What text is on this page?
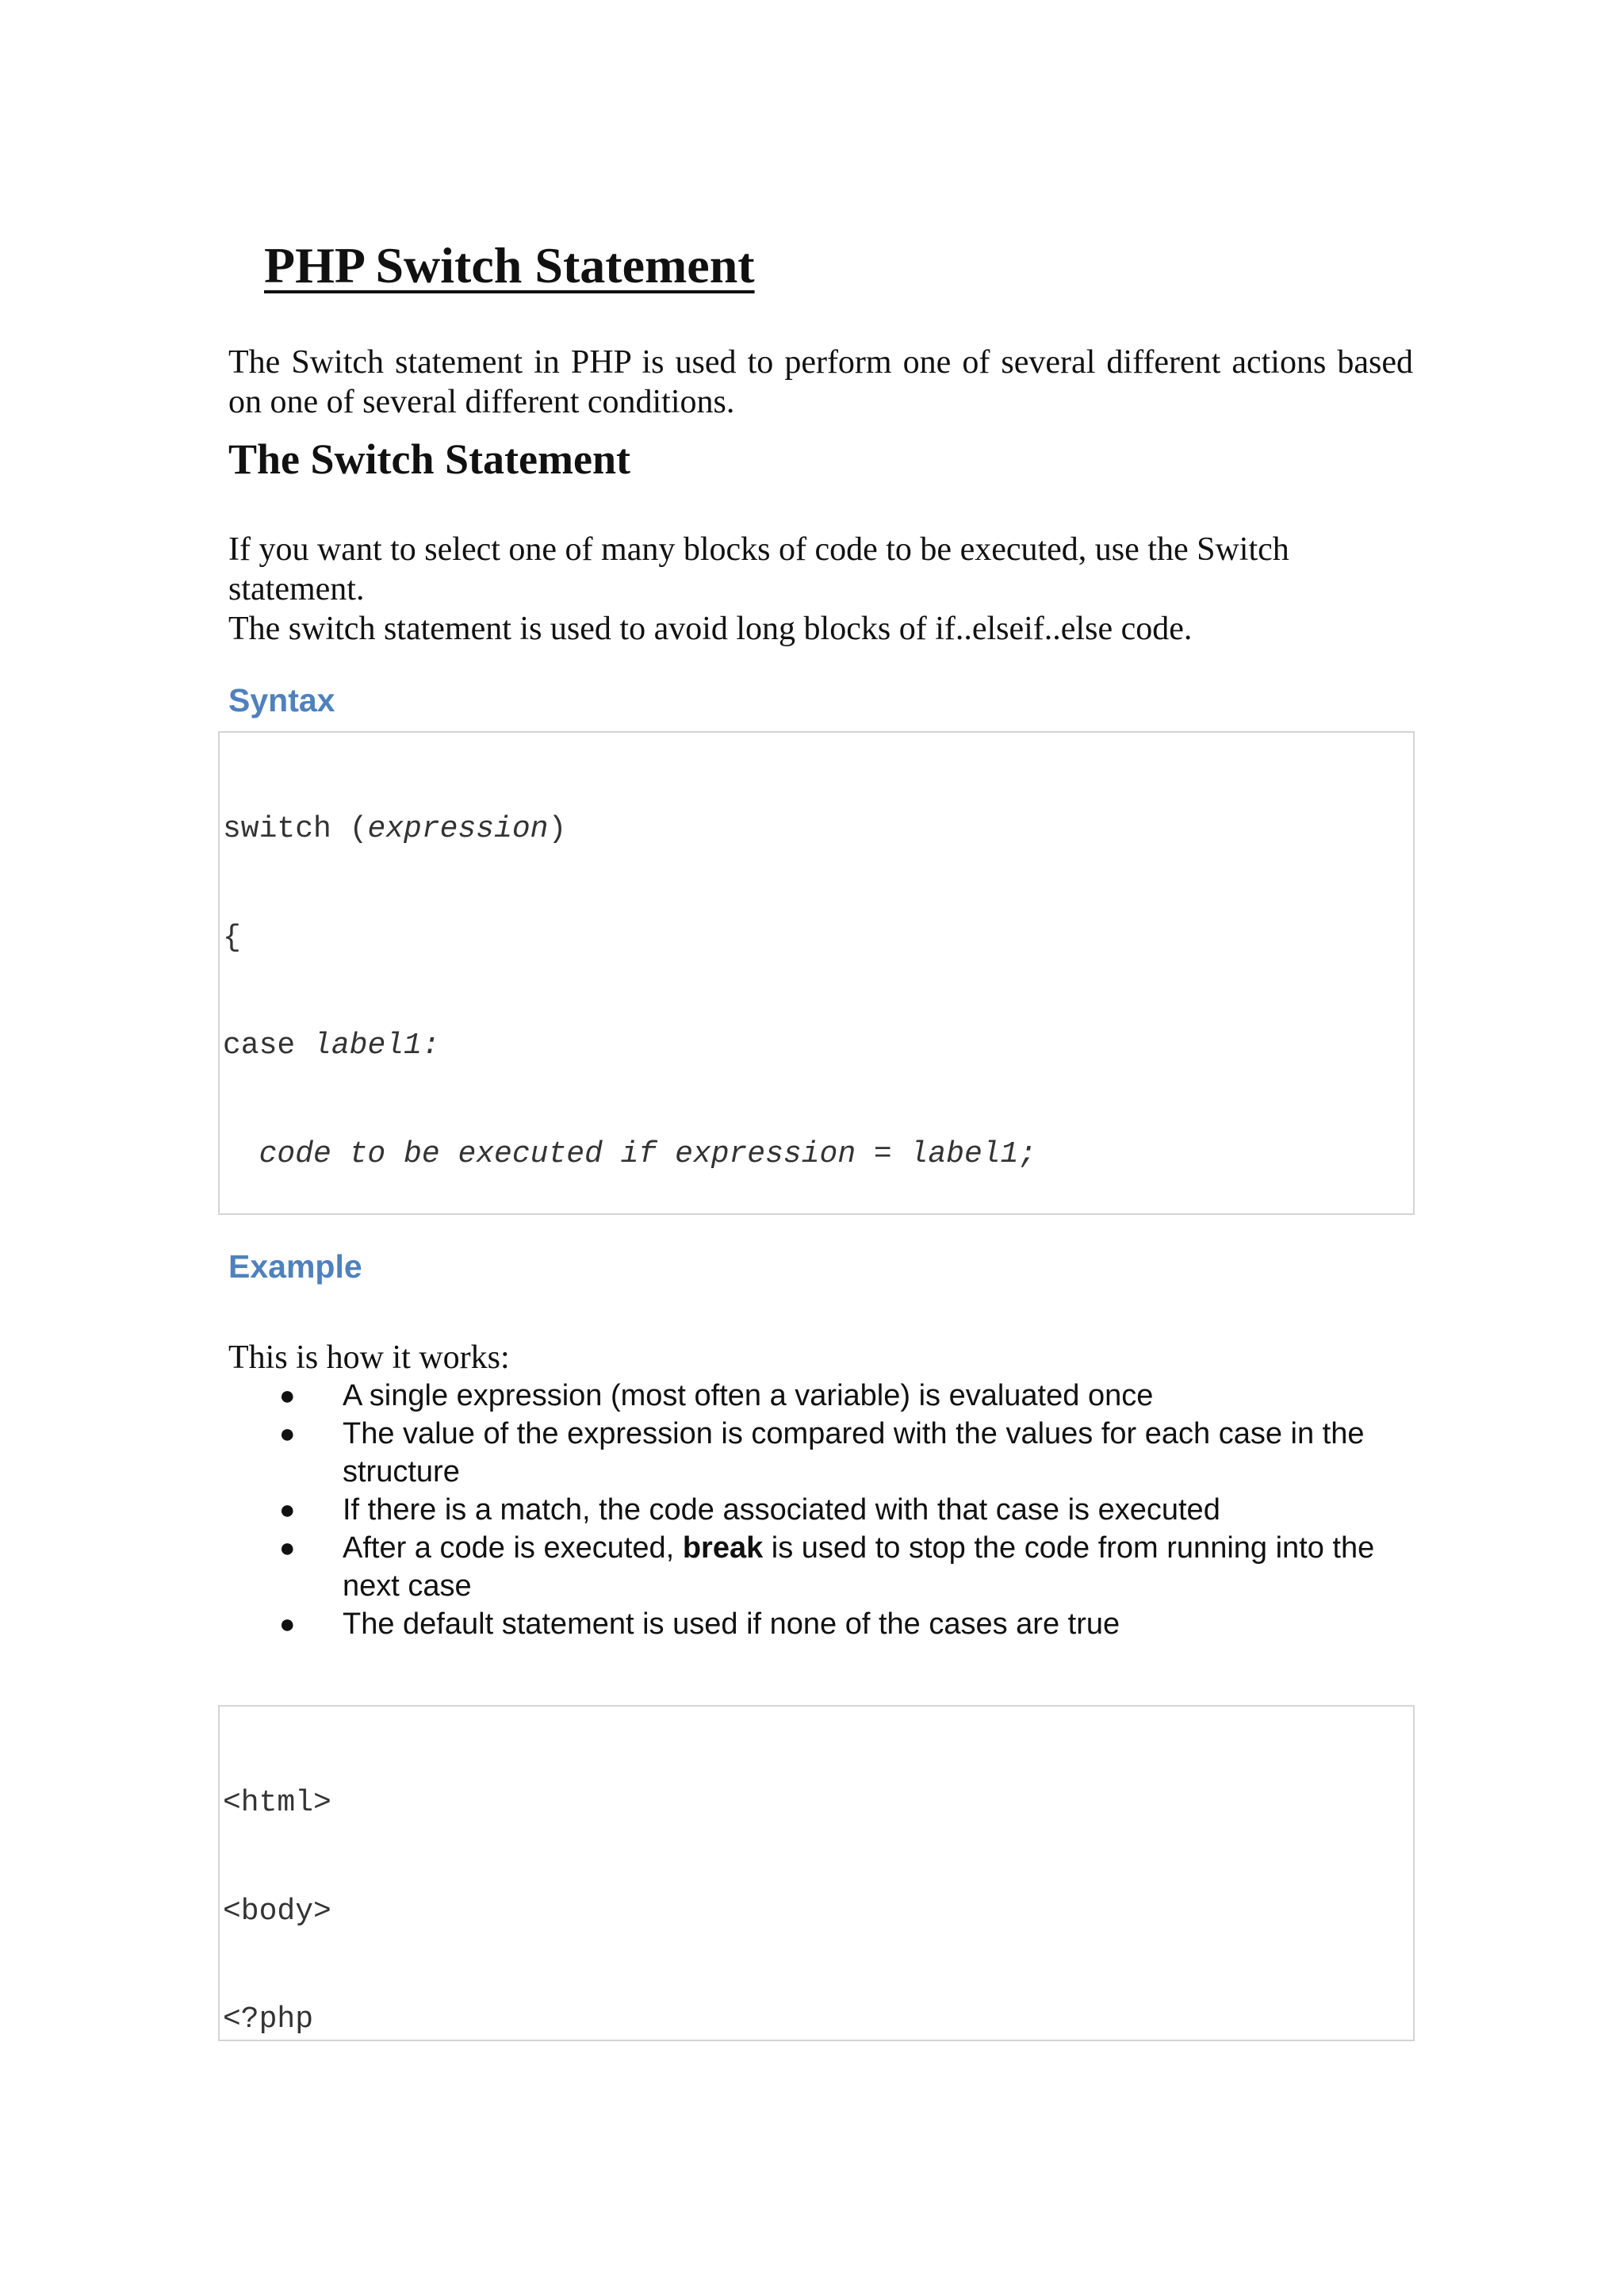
PHP Switch Statement
The Switch statement in PHP is used to perform one of several different actions based on one of several different conditions.
The Switch Statement
If you want to select one of many blocks of code to be executed, use the Switch
statement.
The switch statement is used to avoid long blocks of if..elseif..else code.
Syntax

switch (expression)

{

case label1:

code to be executed if expression = label1;

Example
This is how it works:
● A single expression (most often a variable) is evaluated once
● The value of the expression is compared with the values for each case in the structure
● If there is a match, the code associated with that case is executed
● After a code is executed, break is used to stop the code from running into the next case
● The default statement is used if none of the cases are true

<html>

<body>

<?php
